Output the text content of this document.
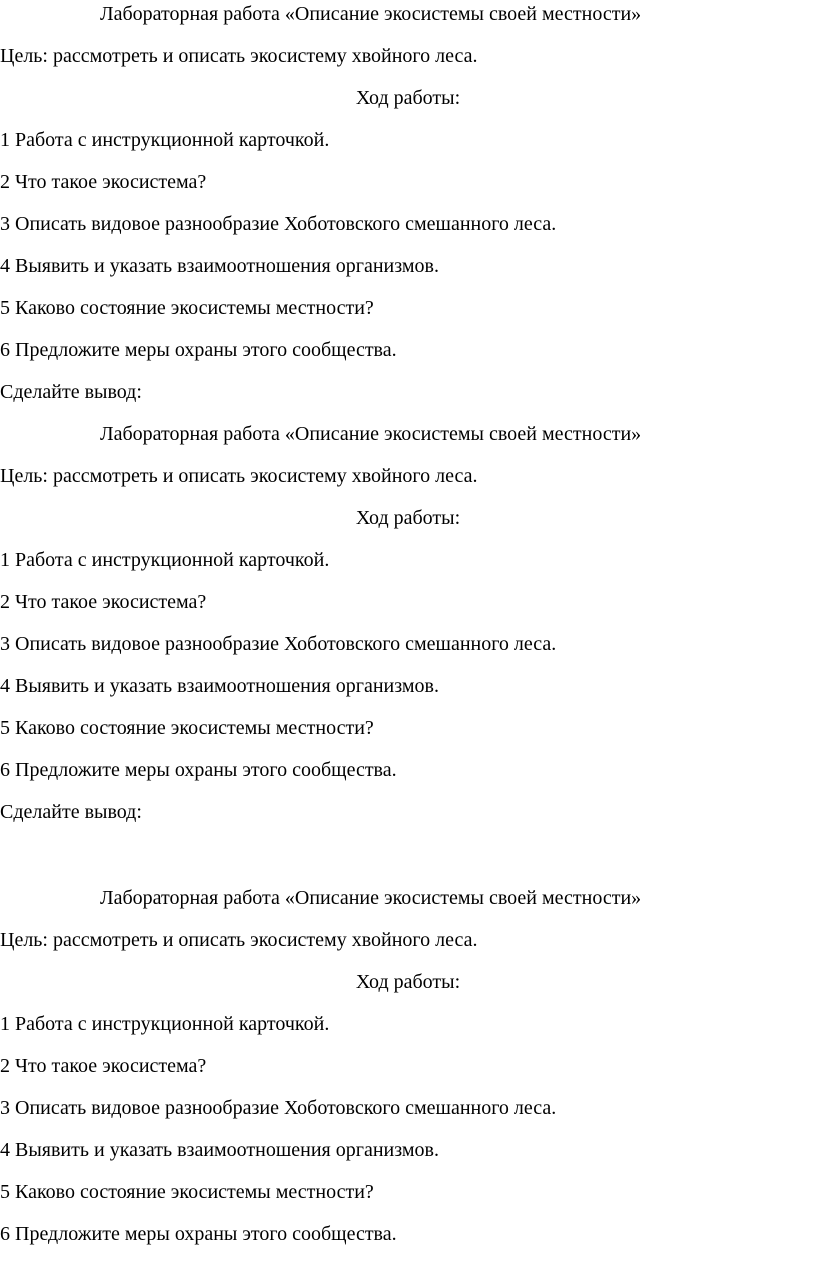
Лабораторная работа «Описание экосистемы своей местности»

Цель: рассмотреть и описать экосистему хвойного леса.

Ход работы:

1 Работа с инструкционной карточкой.

2 Что такое экосистема?

3 Описать видовое разнообразие Хоботовского смешанного леса.

4 Выявить и указать взаимоотношения организмов.

5 Каково состояние экосистемы местности?

6 Предложите меры охраны этого сообщества.

Сделайте вывод:

Лабораторная работа «Описание экосистемы своей местности»

Цель: рассмотреть и описать экосистему хвойного леса.

Ход работы:

1 Работа с инструкционной карточкой.

2 Что такое экосистема?

3 Описать видовое разнообразие Хоботовского смешанного леса.

4 Выявить и указать взаимоотношения организмов.

5 Каково состояние экосистемы местности?

6 Предложите меры охраны этого сообщества.

Сделайте вывод:

Лабораторная работа «Описание экосистемы своей местности»

Цель: рассмотреть и описать экосистему хвойного леса.

Ход работы:

1 Работа с инструкционной карточкой.

2 Что такое экосистема?

3 Описать видовое разнообразие Хоботовского смешанного леса.

4 Выявить и указать взаимоотношения организмов.

5 Каково состояние экосистемы местности?

6 Предложите меры охраны этого сообщества.
